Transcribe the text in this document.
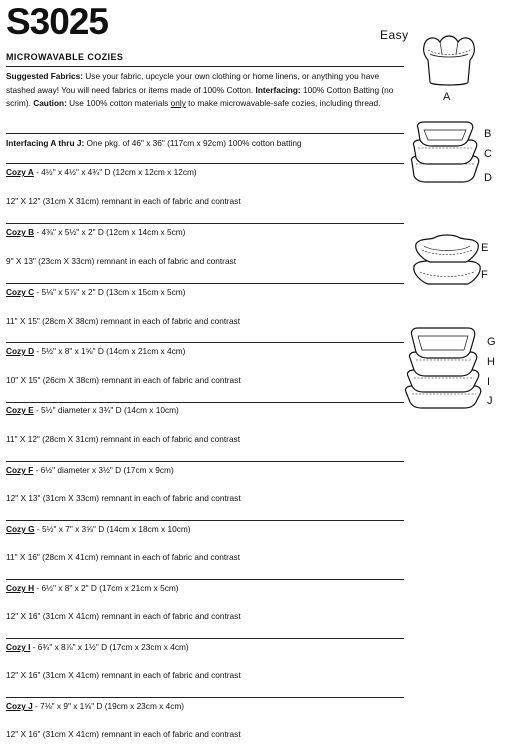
S3025	Easy
MICROWAVABLE COZIES
Suggested Fabrics: Use your fabric, upcycle your own clothing or home linens, or anything you have stashed away! You will need fabrics or items made of 100% Cotton. Interfacing: 100% Cotton Batting (no scrim). Caution: Use 100% cotton materials only to make microwavable-safe cozies, including thread.
Interfacing A thru J: One pkg. of 46" x 36" (117cm x 92cm) 100% cotton batting
Cozy A - 4½" x 4½" x 4¾" D (12cm x 12cm x 12cm)
12" X 12" (31cm X 31cm) remnant in each of fabric and contrast
Cozy B - 4⅜" x 5½" x 2" D (12cm x 14cm x 5cm)
9" X 13" (23cm X 33cm) remnant in each of fabric and contrast
Cozy C - 5⅛" x 5⅞" x 2" D (13cm x 15cm x 5cm)
11" X 15" (28cm X 38cm) remnant in each of fabric and contrast
Cozy D - 5½" x 8" x 1⅝" D (14cm x 21cm x 4cm)
10" X 15" (26cm X 38cm) remnant in each of fabric and contrast
Cozy E - 5½" diameter x 3¾" D (14cm x 10cm)
11" X 12" (28cm X 31cm) remnant in each of fabric and contrast
Cozy F - 6½" diameter x 3½" D (17cm x 9cm)
12" X 13" (31cm X 33cm) remnant in each of fabric and contrast
Cozy G - 5½" x 7" x 3⅝" D (14cm x 18cm x 10cm)
11" X 16" (28cm X 41cm) remnant in each of fabric and contrast
Cozy H - 6½" x 8" x 2" D (17cm x 21cm x 5cm)
12" X 16" (31cm X 41cm) remnant in each of fabric and contrast
Cozy I - 6¾" x 8⅞" x 1½" D (17cm x 23cm x 4cm)
12" X 16" (31cm X 41cm) remnant in each of fabric and contrast
Cozy J - 7⅛" x 9" x 1⅝" D (19cm x 23cm x 4cm)
12" X 16" (31cm X 41cm) remnant in each of fabric and contrast
A
B
C
D
E
F
G
H
I
J
